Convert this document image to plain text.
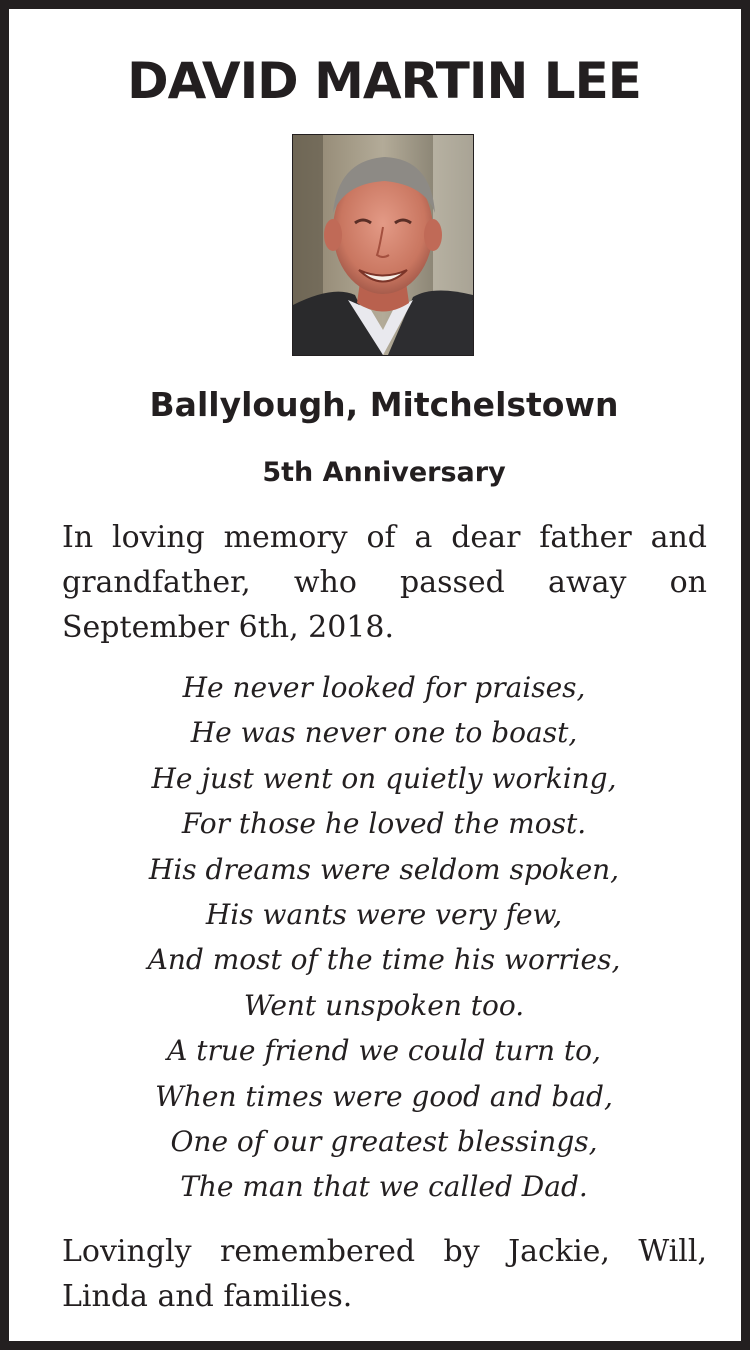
DAVID MARTIN LEE
Ballylough, Mitchelstown
5th Anniversary

In loving memory of a dear father and grandfather, who passed away on September 6th, 2018.

He never looked for praises,
He was never one to boast,
He just went on quietly working,
For those he loved the most.
His dreams were seldom spoken,
His wants were very few,
And most of the time his worries,
Went unspoken too.
A true friend we could turn to,
When times were good and bad,
One of our greatest blessings,
The man that we called Dad.

Lovingly remembered by Jackie, Will, Linda and families.
